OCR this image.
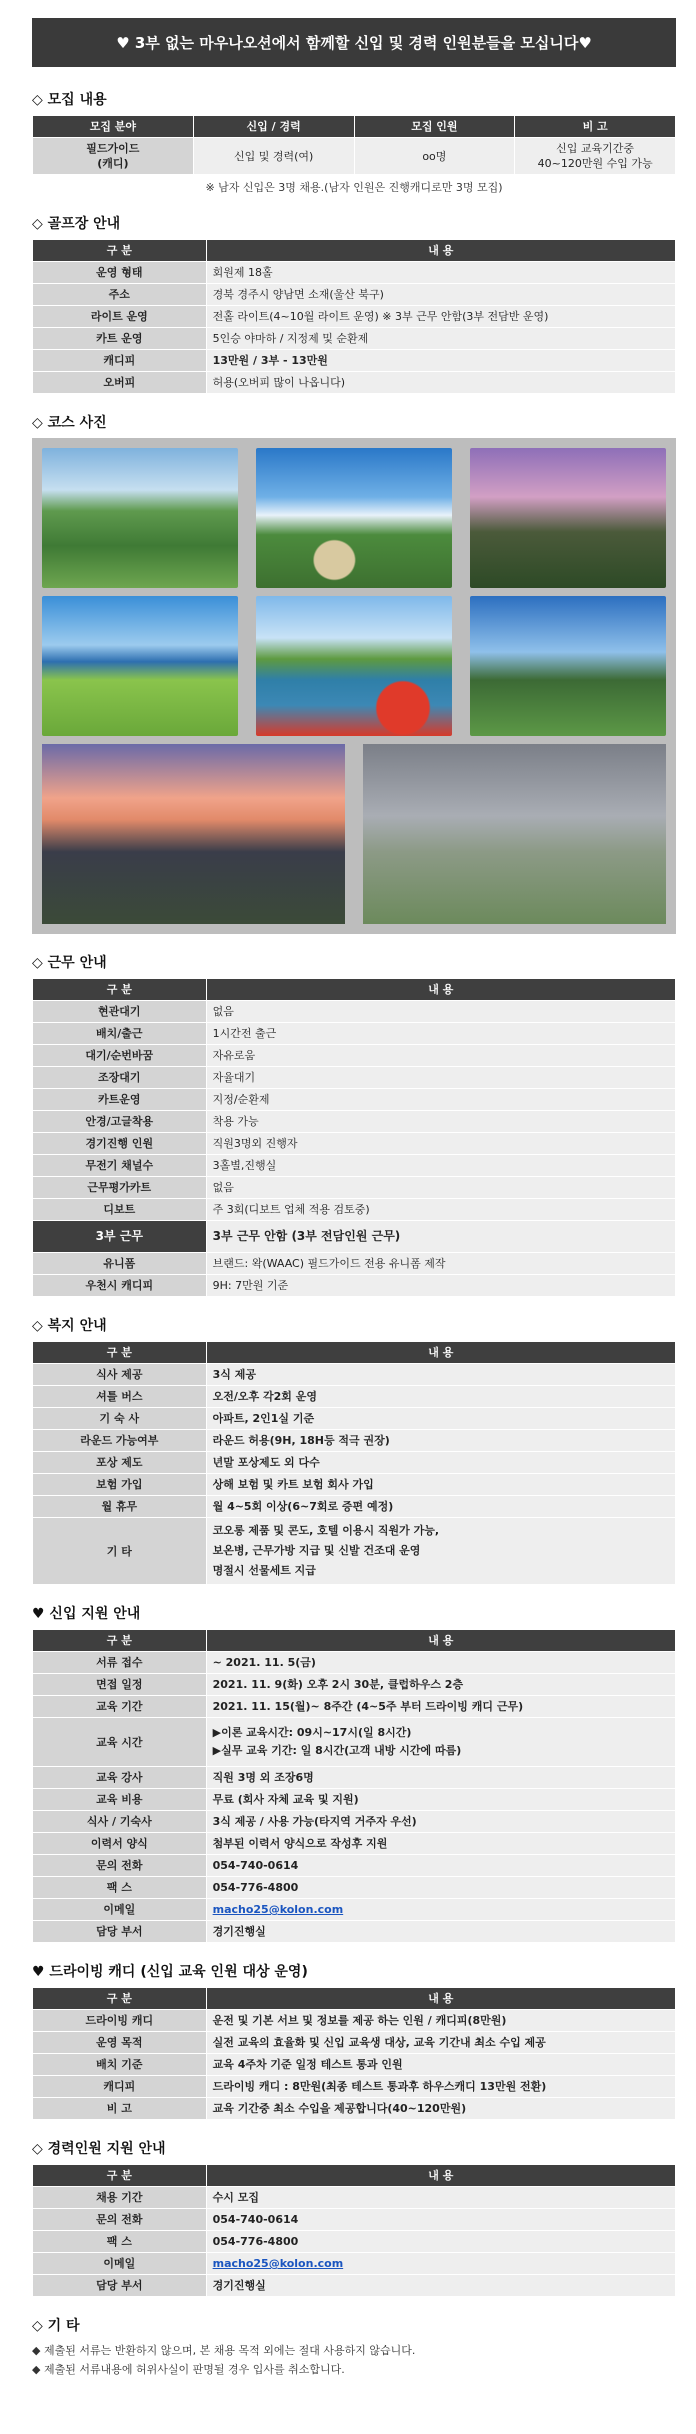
♥ 3부 없는 마우나오션에서 함께할 신입 및 경력 인원분들을 모십니다♥
◇ 모집 내용
모집 분야	신입 / 경력	모집 인원	비 고
필드가이드
(캐디)	신입 및 경력(여)	oo명	신입 교육기간중
40~120만원 수입 가능
※ 남자 신입은 3명 채용.(남자 인원은 진행캐디로만 3명 모집)
◇ 골프장 안내
구 분	내 용
운영 형태	회원제 18홀
주소	경북 경주시 양남면 소재(울산 북구)
라이트 운영	전홀 라이트(4~10월 라이트 운영) ※ 3부 근무 안함(3부 전담반 운영)
카트 운영	5인승 야마하 / 지정제 및 순환제
캐디피	13만원 / 3부 - 13만원
오버피	허용(오버피 많이 나옵니다)
◇ 코스 사진
◇ 근무 안내
구 분	내 용
현관대기	없음
배치/출근	1시간전 출근
대기/순번바꿈	자유로움
조장대기	자율대기
카트운영	지정/순환제
안경/고글착용	착용 가능
경기진행 인원	직원3명외 진행자
무전기 채널수	3홀별,진행실
근무평가카트	없음
디보트	주 3회(디보트 업체 적용 검토중)
3부 근무	3부 근무 안함 (3부 전담인원 근무)
유니폼	브랜드: 왁(WAAC) 필드가이드 전용 유니폼 제작
우천시 캐디피	9H: 7만원 기준
◇ 복지 안내
구 분	내 용
식사 제공	3식 제공
셔틀 버스	오전/오후 각2회 운영
기 숙 사	아파트, 2인1실 기준
라운드 가능여부	라운드 허용(9H, 18H등 적극 권장)
포상 제도	년말 포상제도 외 다수
보험 가입	상해 보험 및 카트 보험 회사 가입
월 휴무	월 4~5회 이상(6~7회로 증편 예정)
기 타	코오롱 제품 및 콘도, 호텔 이용시 직원가 가능,
보온병, 근무가방 지급 및 신발 건조대 운영
명절시 선물세트 지급
♥ 신입 지원 안내
구 분	내 용
서류 접수	~ 2021. 11. 5(금)
면접 일정	2021. 11. 9(화) 오후 2시 30분, 클럽하우스 2층
교육 기간	2021. 11. 15(월)~ 8주간 (4~5주 부터 드라이빙 캐디 근무)
교육 시간	▶이론 교육시간: 09시~17시(일 8시간)
▶실무 교육 기간: 일 8시간(고객 내방 시간에 따름)

교육 강사	직원 3명 외 조장6명
교육 비용	무료 (회사 자체 교육 및 지원)
식사 / 기숙사	3식 제공 / 사용 가능(타지역 거주자 우선)
이력서 양식	첨부된 이력서 양식으로 작성후 지원
문의 전화	054-740-0614
팩 스	054-776-4800
이메일	macho25@kolon.com
담당 부서	경기진행실
♥ 드라이빙 캐디 (신입 교육 인원 대상 운영)
구 분	내 용
드라이빙 캐디	운전 및 기본 서브 및 정보를 제공 하는 인원 / 캐디피(8만원)
운영 목적	실전 교육의 효율화 및 신입 교육생 대상, 교육 기간내 최소 수입 제공
배치 기준	교육 4주차 기준 일정 테스트 통과 인원
캐디피	드라이빙 캐디 : 8만원(최종 테스트 통과후 하우스캐디 13만원 전환)
비 고	교육 기간중 최소 수입을 제공합니다(40~120만원)
◇ 경력인원 지원 안내
구 분	내 용
채용 기간	수시 모집
문의 전화	054-740-0614
팩 스	054-776-4800
이메일	macho25@kolon.com
담당 부서	경기진행실
◇ 기 타
◆ 제출된 서류는 반환하지 않으며, 본 채용 목적 외에는 절대 사용하지 않습니다.
◆ 제출된 서류내용에 허위사실이 판명될 경우 입사를 취소합니다.
